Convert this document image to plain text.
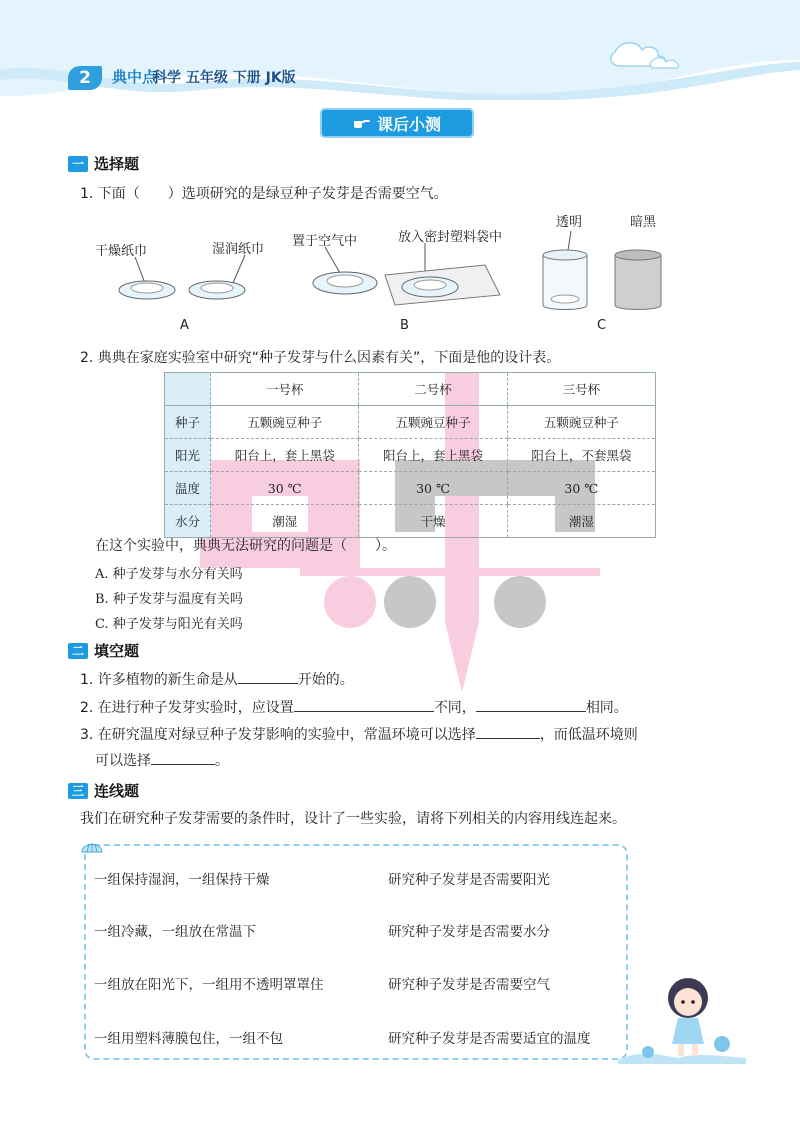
2	典中点
科学 五年级 下册 JK版
课后小测
一 选择题
1. 下面（　　）选项研究的是绿豆种子发芽是否需要空气。
干燥纸巾	湿润纸巾
置于空气中	放入密封塑料袋中
透明	暗黑
A	B	C
2. 典典在家庭实验室中研究“种子发芽与什么因素有关”，下面是他的设计表。
	一号杯	二号杯	三号杯
种子	五颗豌豆种子	五颗豌豆种子	五颗豌豆种子
阳光	阳台上，套上黑袋	阳台上，套上黑袋	阳台上，不套黑袋
温度	30 ℃	30 ℃	30 ℃
水分	潮湿	干燥	潮湿
在这个实验中，典典无法研究的问题是（　　）。
A. 种子发芽与水分有关吗
B. 种子发芽与温度有关吗
C. 种子发芽与阳光有关吗
二 填空题
1. 许多植物的新生命是从	开始的。
2. 在进行种子发芽实验时，应设置	不同，	相同。
3. 在研究温度对绿豆种子发芽影响的实验中，常温环境可以选择	，而低温环境则
可以选择	。
三 连线题
我们在研究种子发芽需要的条件时，设计了一些实验，请将下列相关的内容用线连起来。
一组保持湿润，一组保持干燥
一组冷藏，一组放在常温下
一组放在阳光下，一组用不透明罩罩住
一组用塑料薄膜包住，一组不包
研究种子发芽是否需要阳光
研究种子发芽是否需要水分
研究种子发芽是否需要空气
研究种子发芽是否需要适宜的温度
